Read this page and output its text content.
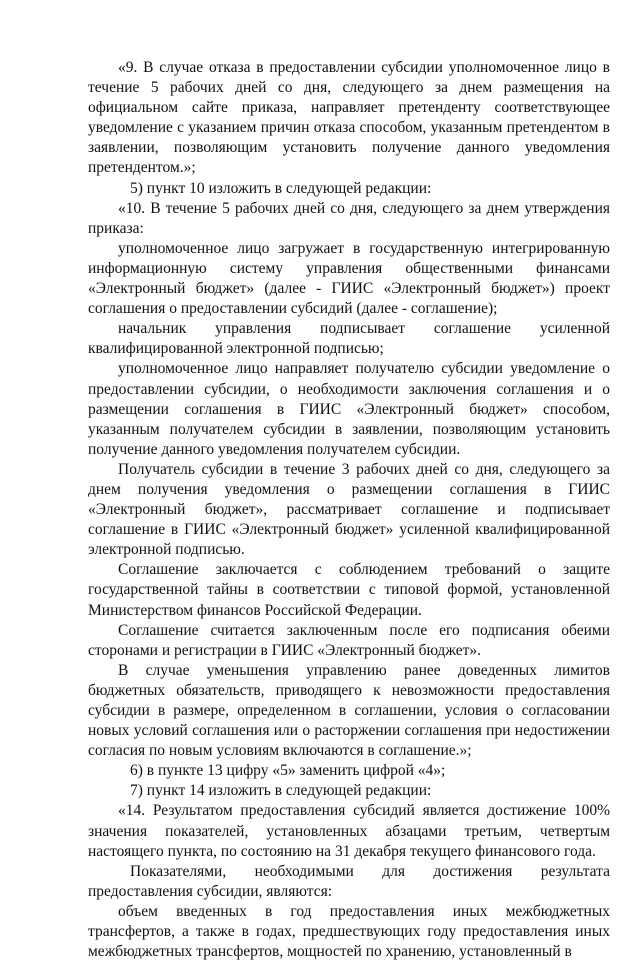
«9. В случае отказа в предоставлении субсидии уполномоченное лицо в течение 5 рабочих дней со дня, следующего за днем размещения на официальном сайте приказа, направляет претенденту соответствующее уведомление с указанием причин отказа способом, указанным претендентом в заявлении, позволяющим установить получение данного уведомления претендентом.»;

5) пункт 10 изложить в следующей редакции:

«10. В течение 5 рабочих дней со дня, следующего за днем утверждения приказа:

уполномоченное лицо загружает в государственную интегрированную информационную систему управления общественными финансами «Электронный бюджет» (далее - ГИИС «Электронный бюджет») проект соглашения о предоставлении субсидий (далее - соглашение);

начальник управления подписывает соглашение усиленной квалифицированной электронной подписью;

уполномоченное лицо направляет получателю субсидии уведомление о предоставлении субсидии, о необходимости заключения соглашения и о размещении соглашения в ГИИС «Электронный бюджет» способом, указанным получателем субсидии в заявлении, позволяющим установить получение данного уведомления получателем субсидии.

Получатель субсидии в течение 3 рабочих дней со дня, следующего за днем получения уведомления о размещении соглашения в ГИИС «Электронный бюджет», рассматривает соглашение и подписывает соглашение в ГИИС «Электронный бюджет» усиленной квалифицированной электронной подписью.

Соглашение заключается с соблюдением требований о защите государственной тайны в соответствии с типовой формой, установленной Министерством финансов Российской Федерации.

Соглашение считается заключенным после его подписания обеими сторонами и регистрации в ГИИС «Электронный бюджет».

В случае уменьшения управлению ранее доведенных лимитов бюджетных обязательств, приводящего к невозможности предоставления субсидии в размере, определенном в соглашении, условия о согласовании новых условий соглашения или о расторжении соглашения при недостижении согласия по новым условиям включаются в соглашение.»;

6) в пункте 13 цифру «5» заменить цифрой «4»;

7) пункт 14 изложить в следующей редакции:

«14. Результатом предоставления субсидий является достижение 100% значения показателей, установленных абзацами третьим, четвертым настоящего пункта, по состоянию на 31 декабря текущего финансового года.

Показателями, необходимыми для достижения результата предоставления субсидии, являются:

объем введенных в год предоставления иных межбюджетных трансфертов, а также в годах, предшествующих году предоставления иных межбюджетных трансфертов, мощностей по хранению, установленный в
